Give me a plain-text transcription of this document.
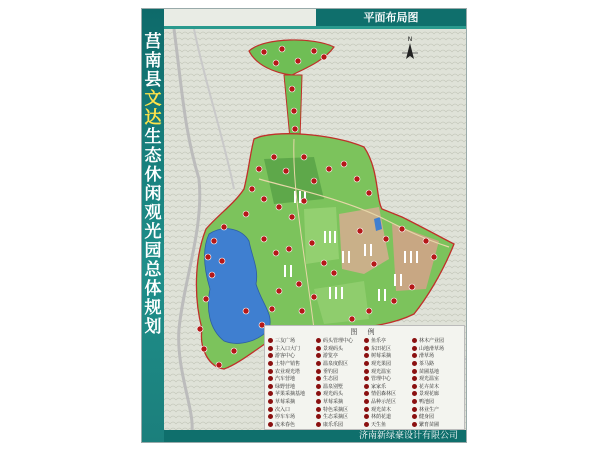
莒南县文达生态休闲观光园总体规划
平面布局图
N
图 例
三友广场
主入口大门
游客中心
土特产销售
农业观光塔
汽车营地
绿野营地
苹果采摘基地
草莓采摘
次入口
停车车场
流米春色
码头管理中心
景观码头
游览亭
温泉度假区
垂钓园
生态园
温泉别墅
观光码头
草莓采摘
特色采摘区
生态采摘区
康乐乐园
鱼乐亭
东田花区
树莓采摘
观光果园
观光温室
管理中心
家家乐
情侣森林区
品种示范区
观光苗木
林荫花道
天生鱼
林木产业园
山地滑草场
滑草场
茶马路
苗圃基地
观光温室
花卉苗木
景观花廊
鸭池园
林业生产
健身园
繁育苗圃
济南新绿豪设计有限公司
